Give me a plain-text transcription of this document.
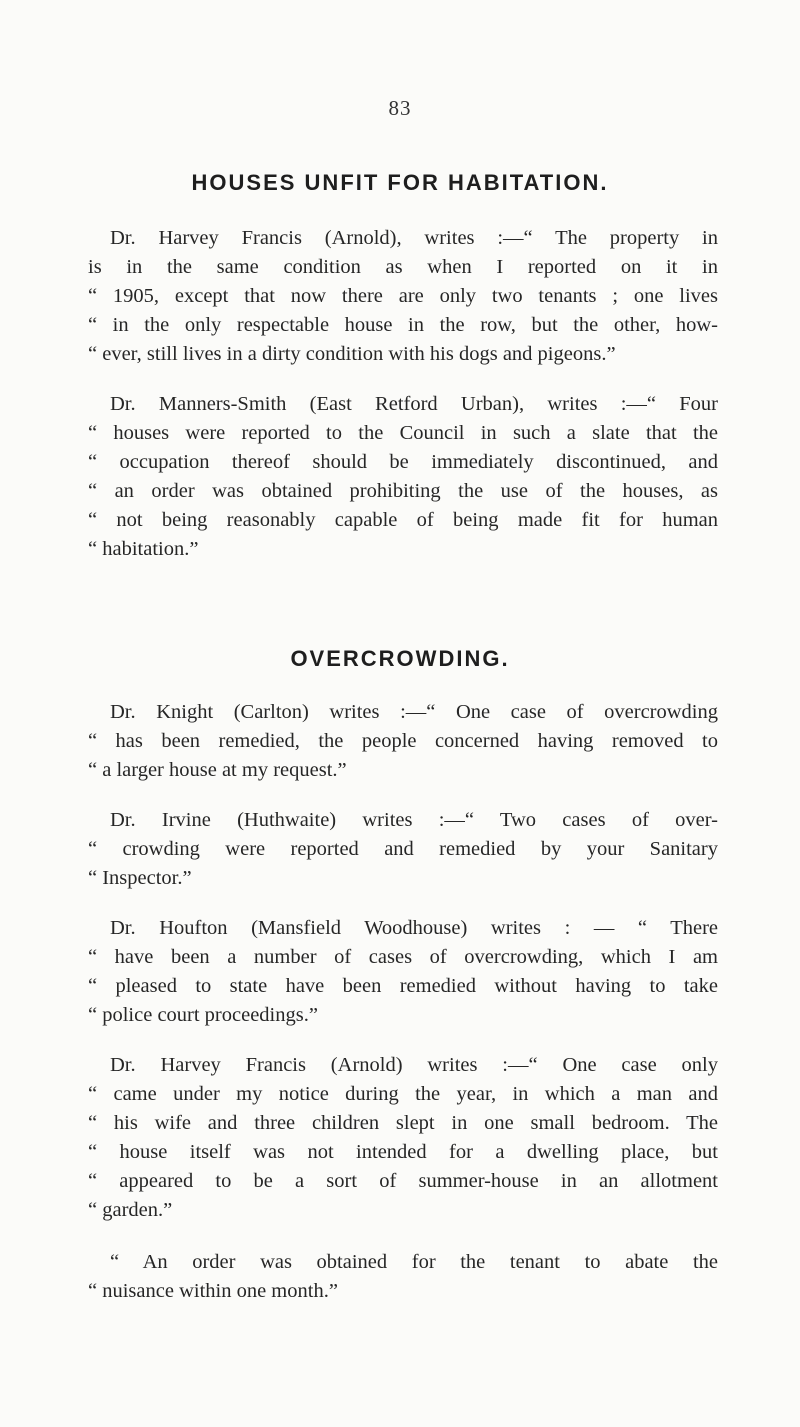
83
HOUSES UNFIT FOR HABITATION.
Dr. Harvey Francis (Arnold), writes :—“ The property in
is in the same condition as when I reported on it in
“ 1905, except that now there are only two tenants ; one lives
“ in the only respectable house in the row, but the other, how-
“ ever, still lives in a dirty condition with his dogs and pigeons.”
Dr. Manners-Smith (East Retford Urban), writes :—“ Four
“ houses were reported to the Council in such a slate that the
“ occupation thereof should be immediately discontinued, and
“ an order was obtained prohibiting the use of the houses, as
“ not being reasonably capable of being made fit for human
“ habitation.”
OVERCROWDING.
Dr. Knight (Carlton) writes :—“ One case of overcrowding
“ has been remedied, the people concerned having removed to
“ a larger house at my request.”
Dr. Irvine (Huthwaite) writes :—“ Two cases of over-
“ crowding were reported and remedied by your Sanitary
“ Inspector.”
Dr. Houfton (Mansfield Woodhouse) writes : — “ There
“ have been a number of cases of overcrowding, which I am
“ pleased to state have been remedied without having to take
“ police court proceedings.”
Dr. Harvey Francis (Arnold) writes :—“ One case only
“ came under my notice during the year, in which a man and
“ his wife and three children slept in one small bedroom. The
“ house itself was not intended for a dwelling place, but
“ appeared to be a sort of summer-house in an allotment
“ garden.”
“ An order was obtained for the tenant to abate the
“ nuisance within one month.”
